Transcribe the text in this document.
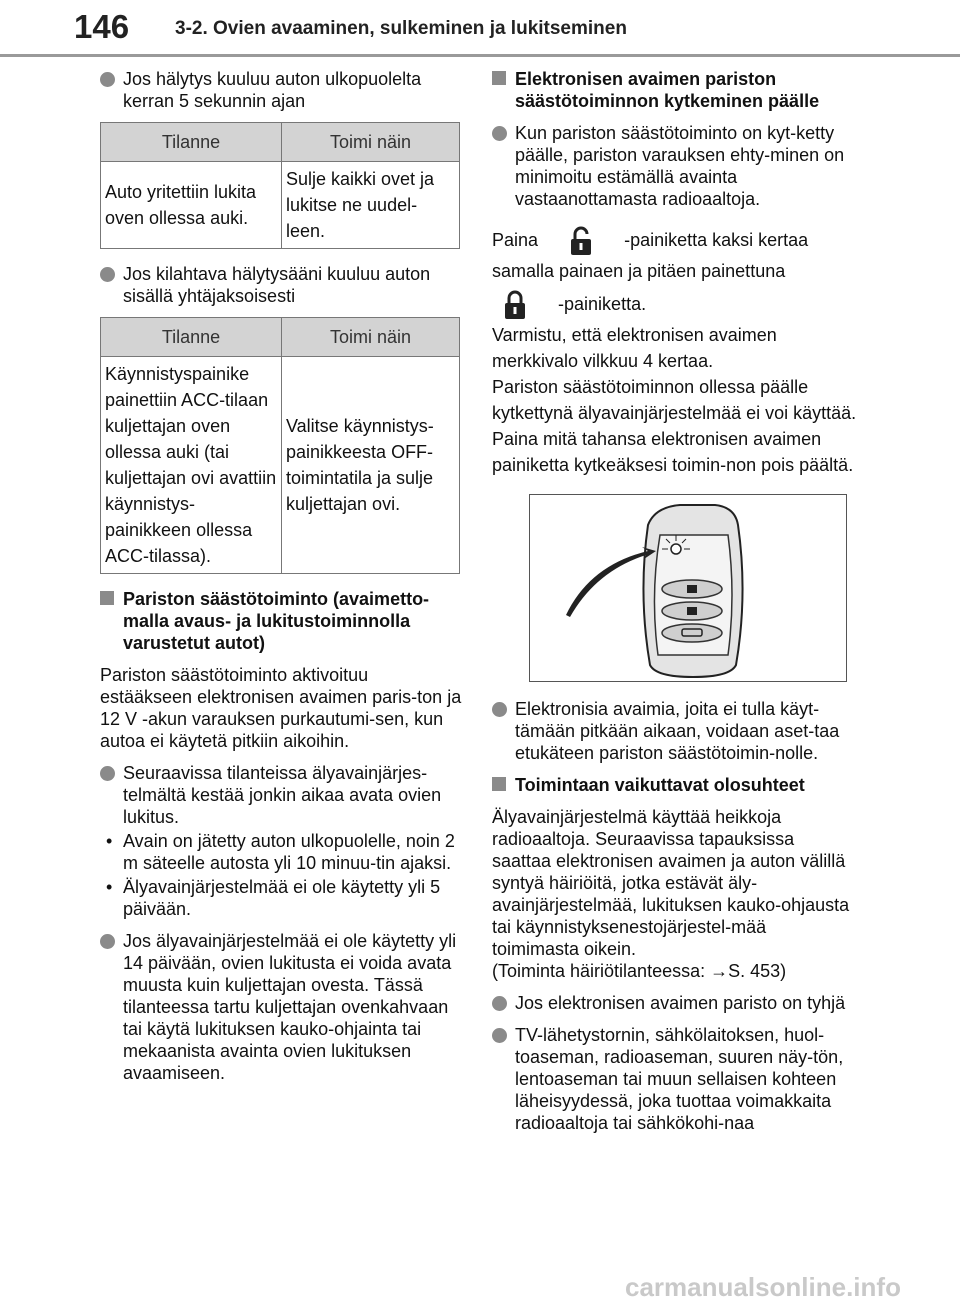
146 3-2. Ovien avaaminen, sulkeminen ja lukitseminen
Jos hälytys kuuluu auton ulkopuolelta kerran 5 sekunnin ajan
Tilanne	Toimi näin
Auto yritettiin lukita oven ollessa auki.	Sulje kaikki ovet ja lukitse ne uudel-leen.
Jos kilahtava hälytysääni kuuluu auton sisällä yhtäjaksoisesti
Tilanne	Toimi näin
Käynnistyspainike painettiin ACC-tilaan kuljettajan oven ollessa auki (tai kuljettajan ovi avattiin käynnistys-painikkeen ollessa ACC-tilassa).	Valitse käynnistys-painikkeesta OFF-toimintatila ja sulje kuljettajan ovi.
Pariston säästötoiminto (avaimetto-malla avaus- ja lukitustoiminnolla varustetut autot)
Pariston säästötoiminto aktivoituu estääkseen elektronisen avaimen paris-ton ja 12 V -akun varauksen purkautumi-sen, kun autoa ei käytetä pitkiin aikoihin.
Seuraavissa tilanteissa älyavainjärjes-telmältä kestää jonkin aikaa avata ovien lukitus.
• Avain on jätetty auton ulkopuolelle, noin 2 m säteelle autosta yli 10 minuu-tin ajaksi.
• Älyavainjärjestelmää ei ole käytetty yli 5 päivään.
Jos älyavainjärjestelmää ei ole käytetty yli 14 päivään, ovien lukitusta ei voida avata muusta kuin kuljettajan ovesta. Tässä tilanteessa tartu kuljettajan ovenkahvaan tai käytä lukituksen kauko-ohjainta tai mekaanista avainta ovien lukituksen avaamiseen.
Elektronisen avaimen pariston säästötoiminnon kytkeminen päälle
Kun pariston säästötoiminto on kyt-ketty päälle, pariston varauksen ehty-minen on minimoitu estämällä avainta vastaanottamasta radioaaltoja.
Paina	-painiketta kaksi kertaa
samalla painaen ja pitäen painettuna
-painiketta.
Varmistu, että elektronisen avaimen merkkivalo vilkkuu 4 kertaa.
Pariston säästötoiminnon ollessa päälle kytkettynä älyavainjärjestelmää ei voi käyttää. Paina mitä tahansa elektronisen avaimen painiketta kytkeäksesi toimin-non pois päältä.
Elektronisia avaimia, joita ei tulla käyt-tämään pitkään aikaan, voidaan aset-taa etukäteen pariston säästötoimin-nolle.
Toimintaan vaikuttavat olosuhteet
Älyavainjärjestelmä käyttää heikkoja radioaaltoja. Seuraavissa tapauksissa saattaa elektronisen avaimen ja auton välillä syntyä häiriöitä, jotka estävät äly-avainjärjestelmää, lukituksen kauko-ohjausta tai käynnistyksenestojärjestel-mää toimimasta oikein.
(Toiminta häiriötilanteessa: →S. 453)
Jos elektronisen avaimen paristo on tyhjä
TV-lähetystornin, sähkölaitoksen, huol-toaseman, radioaseman, suuren näy-tön, lentoaseman tai muun sellaisen kohteen läheisyydessä, joka tuottaa voimakkaita radioaaltoja tai sähkökohi-naa
carmanualsonline.info
